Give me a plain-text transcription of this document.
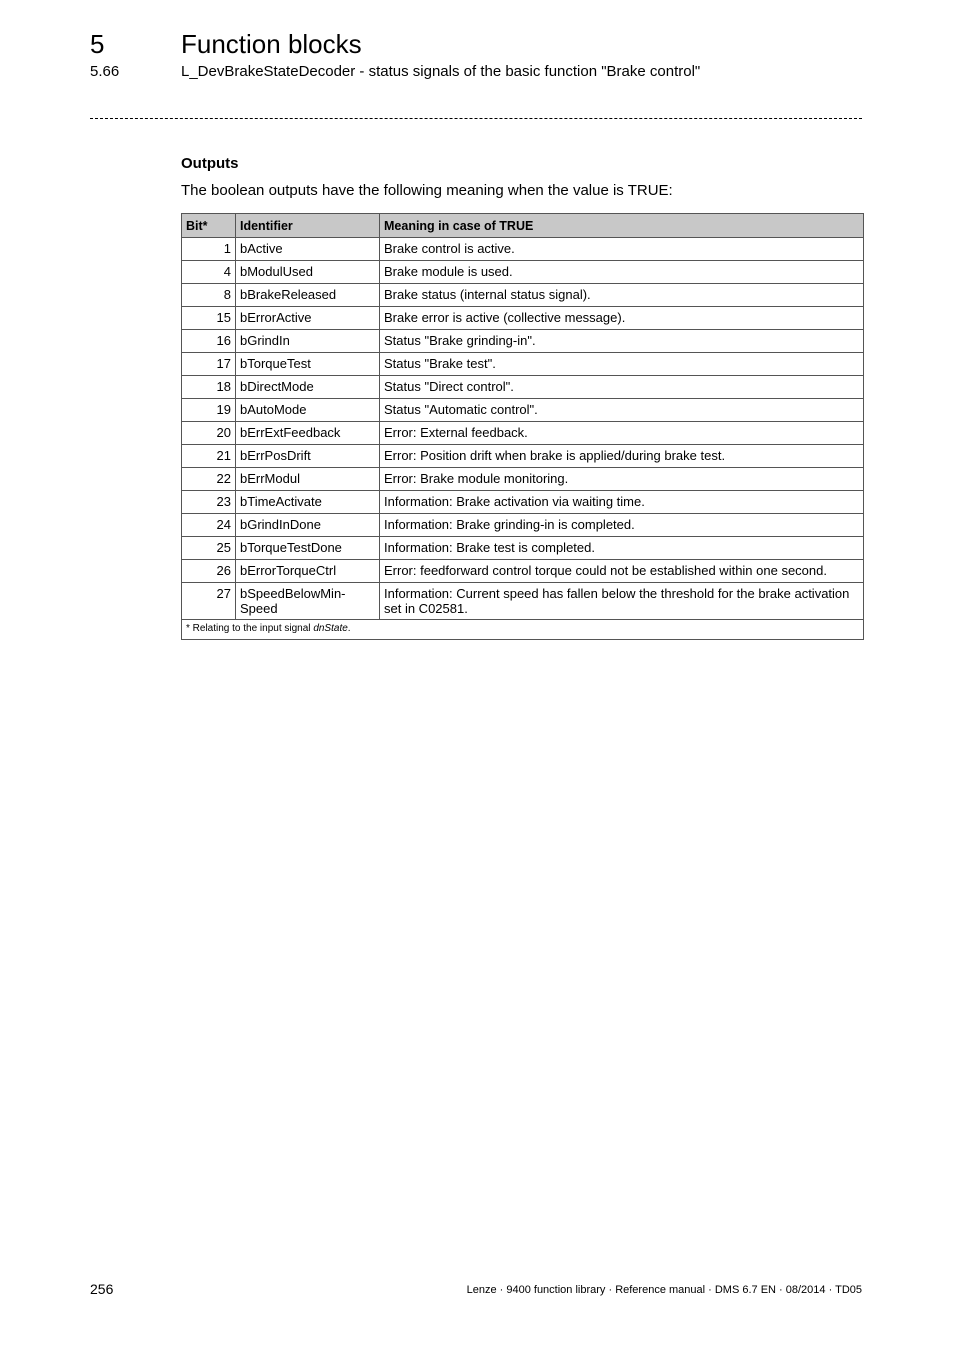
5	Function blocks
5.66	L_DevBrakeStateDecoder - status signals of the basic function "Brake control"
Outputs
The boolean outputs have the following meaning when the value is TRUE:
Bit*	Identifier	Meaning in case of TRUE
1	bActive	Brake control is active.
4	bModulUsed	Brake module is used.
8	bBrakeReleased	Brake status (internal status signal).
15	bErrorActive	Brake error is active (collective message).
16	bGrindIn	Status "Brake grinding-in".
17	bTorqueTest	Status "Brake test".
18	bDirectMode	Status "Direct control".
19	bAutoMode	Status "Automatic control".
20	bErrExtFeedback	Error: External feedback.
21	bErrPosDrift	Error: Position drift when brake is applied/during brake test.
22	bErrModul	Error: Brake module monitoring.
23	bTimeActivate	Information: Brake activation via waiting time.
24	bGrindInDone	Information: Brake grinding-in is completed.
25	bTorqueTestDone	Information: Brake test is completed.
26	bErrorTorqueCtrl	Error: feedforward control torque could not be established within one second.
27	bSpeedBelowMin-Speed	Information: Current speed has fallen below the threshold for the brake activation set in C02581.
* Relating to the input signal dnState.		
256	Lenze · 9400 function library · Reference manual · DMS 6.7 EN · 08/2014 · TD05
